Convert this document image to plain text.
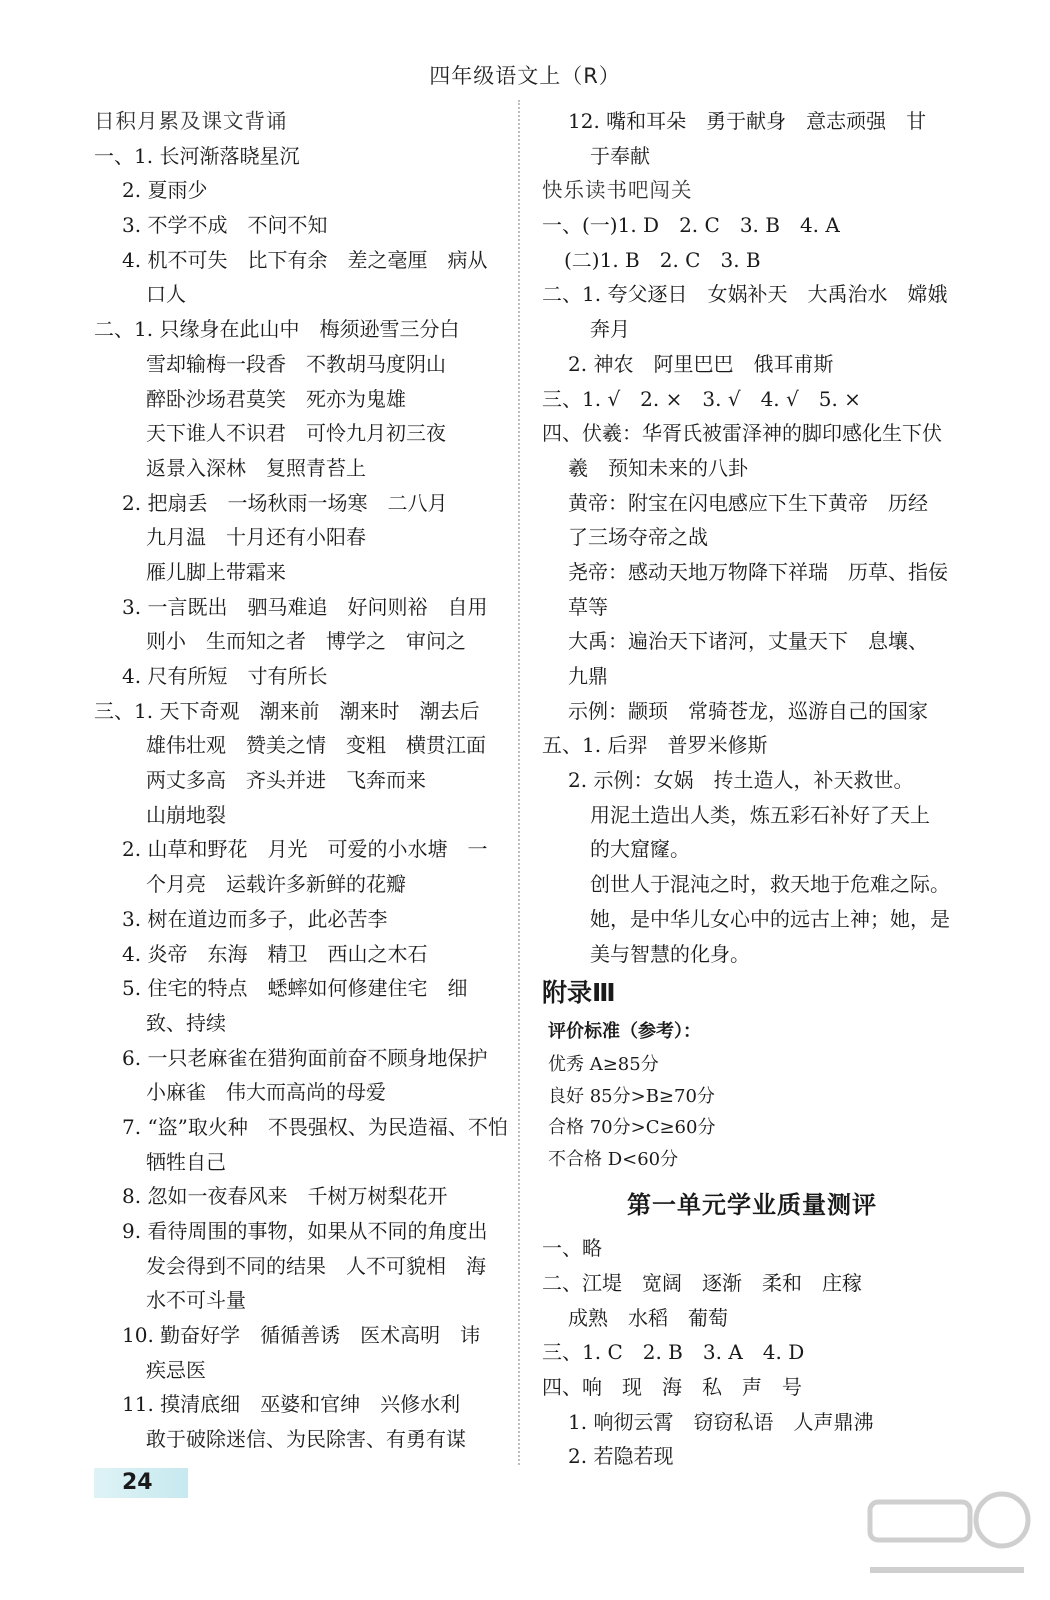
四年级语文上（R）
日积月累及课文背诵
一、1. 长河渐落晓星沉
2. 夏雨少
3. 不学不成　不问不知
4. 机不可失　比下有余　差之毫厘　病从
口人
二、1. 只缘身在此山中　梅须逊雪三分白
雪却输梅一段香　不教胡马度阴山
醉卧沙场君莫笑　死亦为鬼雄
天下谁人不识君　可怜九月初三夜
返景入深林　复照青苔上
2. 把扇丢　一场秋雨一场寒　二八月
九月温　十月还有小阳春
雁儿脚上带霜来
3. 一言既出　驷马难追　好问则裕　自用
则小　生而知之者　博学之　审问之
4. 尺有所短　寸有所长
三、1. 天下奇观　潮来前　潮来时　潮去后
雄伟壮观　赞美之情　变粗　横贯江面
两丈多高　齐头并进　飞奔而来
山崩地裂
2. 山草和野花　月光　可爱的小水塘　一
个月亮　运载许多新鲜的花瓣
3. 树在道边而多子，此必苦李
4. 炎帝　东海　精卫　西山之木石
5. 住宅的特点　蟋蟀如何修建住宅　细
致、持续
6. 一只老麻雀在猎狗面前奋不顾身地保护
小麻雀　伟大而高尚的母爱
7. “盗”取火种　不畏强权、为民造福、不怕
牺牲自己
8. 忽如一夜春风来　千树万树梨花开
9. 看待周围的事物，如果从不同的角度出
发会得到不同的结果　人不可貌相　海
水不可斗量
10. 勤奋好学　循循善诱　医术高明　讳
疾忌医
11. 摸清底细　巫婆和官绅　兴修水利
敢于破除迷信、为民除害、有勇有谋
12. 嘴和耳朵　勇于献身　意志顽强　甘
于奉献
快乐读书吧闯关
一、(一)1. D　2. C　3. B　4. A
(二)1. B　2. C　3. B
二、1. 夸父逐日　女娲补天　大禹治水　嫦娥
奔月
2. 神农　阿里巴巴　俄耳甫斯
三、1. √　2. ×　3. √　4. √　5. ×
四、伏羲：华胥氏被雷泽神的脚印感化生下伏
羲　预知未来的八卦
黄帝：附宝在闪电感应下生下黄帝　历经
了三场夺帝之战
尧帝：感动天地万物降下祥瑞　历草、指佞
草等
大禹：遍治天下诸河，丈量天下　息壤、
九鼎
示例：颛顼　常骑苍龙，巡游自己的国家
五、1. 后羿　普罗米修斯
2. 示例：女娲　抟土造人，补天救世。
用泥土造出人类，炼五彩石补好了天上
的大窟窿。
创世人于混沌之时，救天地于危难之际。
她，是中华儿女心中的远古上神；她，是
美与智慧的化身。
附录Ⅲ
评价标准（参考）：
优秀 A≥85分
良好 85分>B≥70分
合格 70分>C≥60分
不合格 D<60分
第一单元学业质量测评
一、略
二、江堤　宽阔　逐渐　柔和　庄稼
成熟　水稻　葡萄
三、1. C　2. B　3. A　4. D
四、响　现　海　私　声　号
1. 响彻云霄　窃窃私语　人声鼎沸
2. 若隐若现
24
